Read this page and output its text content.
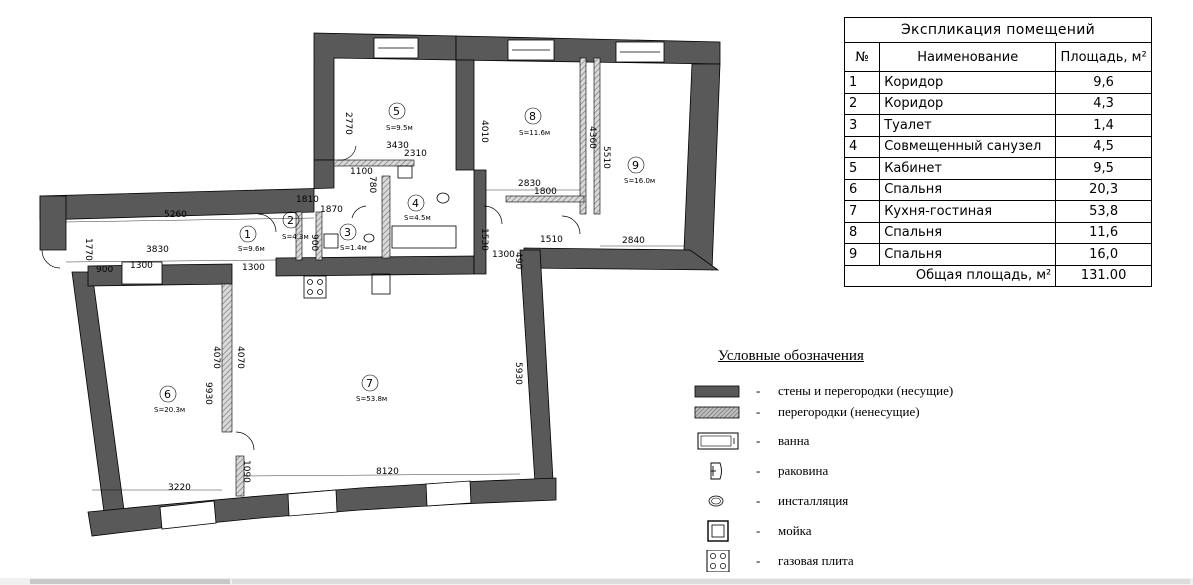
2770
3430
2310
1100
780
1810
5260	1870
900
1770	3830
900 1300	1300
4010
2830
1800
4360
5510
1530	1510
1300
490
2840
4070 4070
9930
5930
1090
3220
8120
1
S=9.6м
2
S=4.3м	3
S=1.4м
4
S=4.5м
5
S=9.5м
6
S=20.3м
7
S=53.8м
8
S=11.6м
9
S=16.0м
Экспликация помещений		
№	Наименование	Площадь, м²
1	Коридор	9,6
2	Коридор	4,3
3	Туалет	1,4
4	Совмещенный санузел	4,5
5	Кабинет	9,5
6	Спальня	20,3
7	Кухня-гостиная	53,8
8	Спальня	11,6
9	Спальня	16,0
Общая площадь, м²		131.00
Условные обозначения
- стены и перегородки (несущие)
- перегородки (ненесущие)
- ванна
- раковина
- инсталляция
- мойка
- газовая плита
